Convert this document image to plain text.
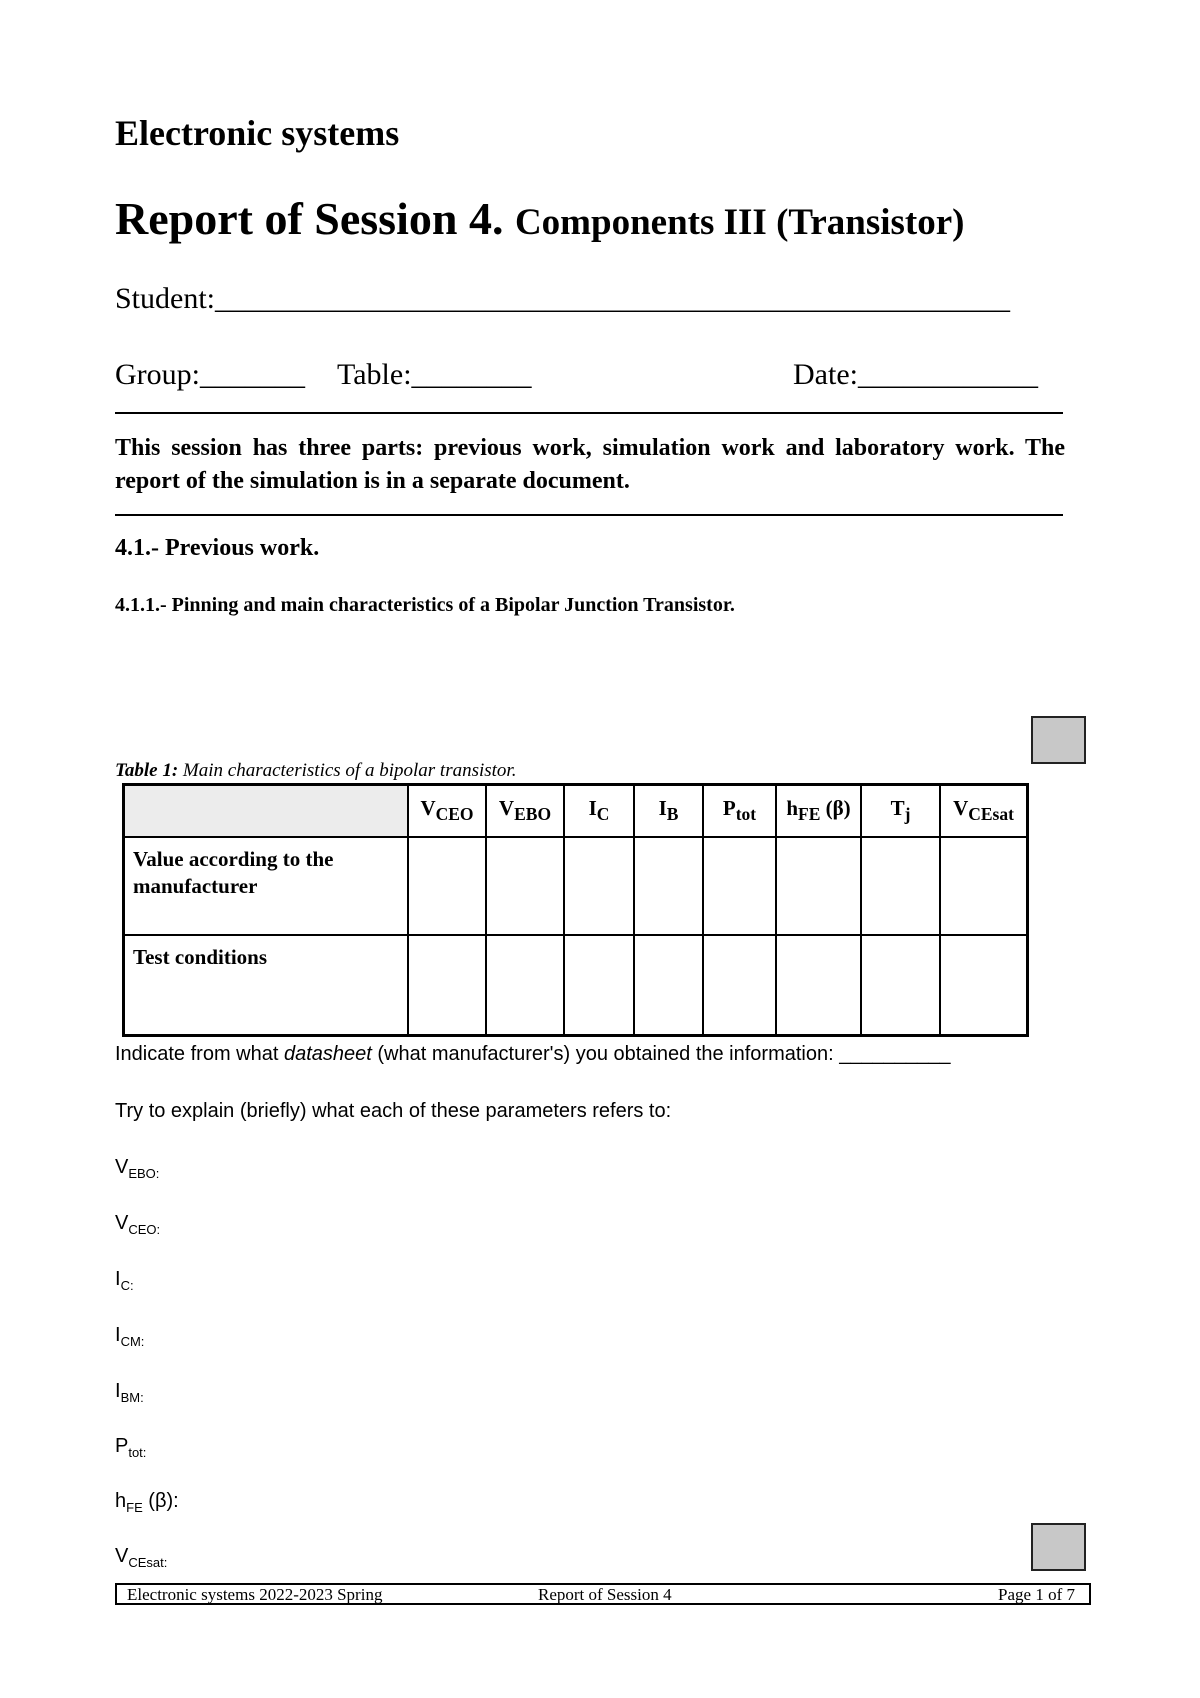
Electronic systems
Report of Session 4. Components III (Transistor)
Student:_____________________________________________________
Group:_______ Table:________	Date:____________
This session has three parts: previous work, simulation work and laboratory work. The report of the simulation is in a separate document.
4.1.- Previous work.
4.1.1.- Pinning and main characteristics of a Bipolar Junction Transistor.
Table 1: Main characteristics of a bipolar transistor.
	$V_{CEO}$	$V_{EBO}$	$I_C$	$I_B$	$P_{tot}$	$h_{FE}$ (β)	$T_j$	$V_{CEsat}$
Value according to the manufacturer								
Test conditions								
Indicate from what datasheet (what manufacturer's) you obtained the information: __________
Try to explain (briefly) what each of these parameters refers to:
$V_{EBO:}$
$V_{CEO:}$
$I_{C:}$
$I_{CM:}$
$I_{BM:}$
$P_{tot:}$
$h_{FE}$ (β):
$V_{CEsat:}$
Electronic systems 2022-2023 Spring	Report of Session 4	Page 1 of 7
